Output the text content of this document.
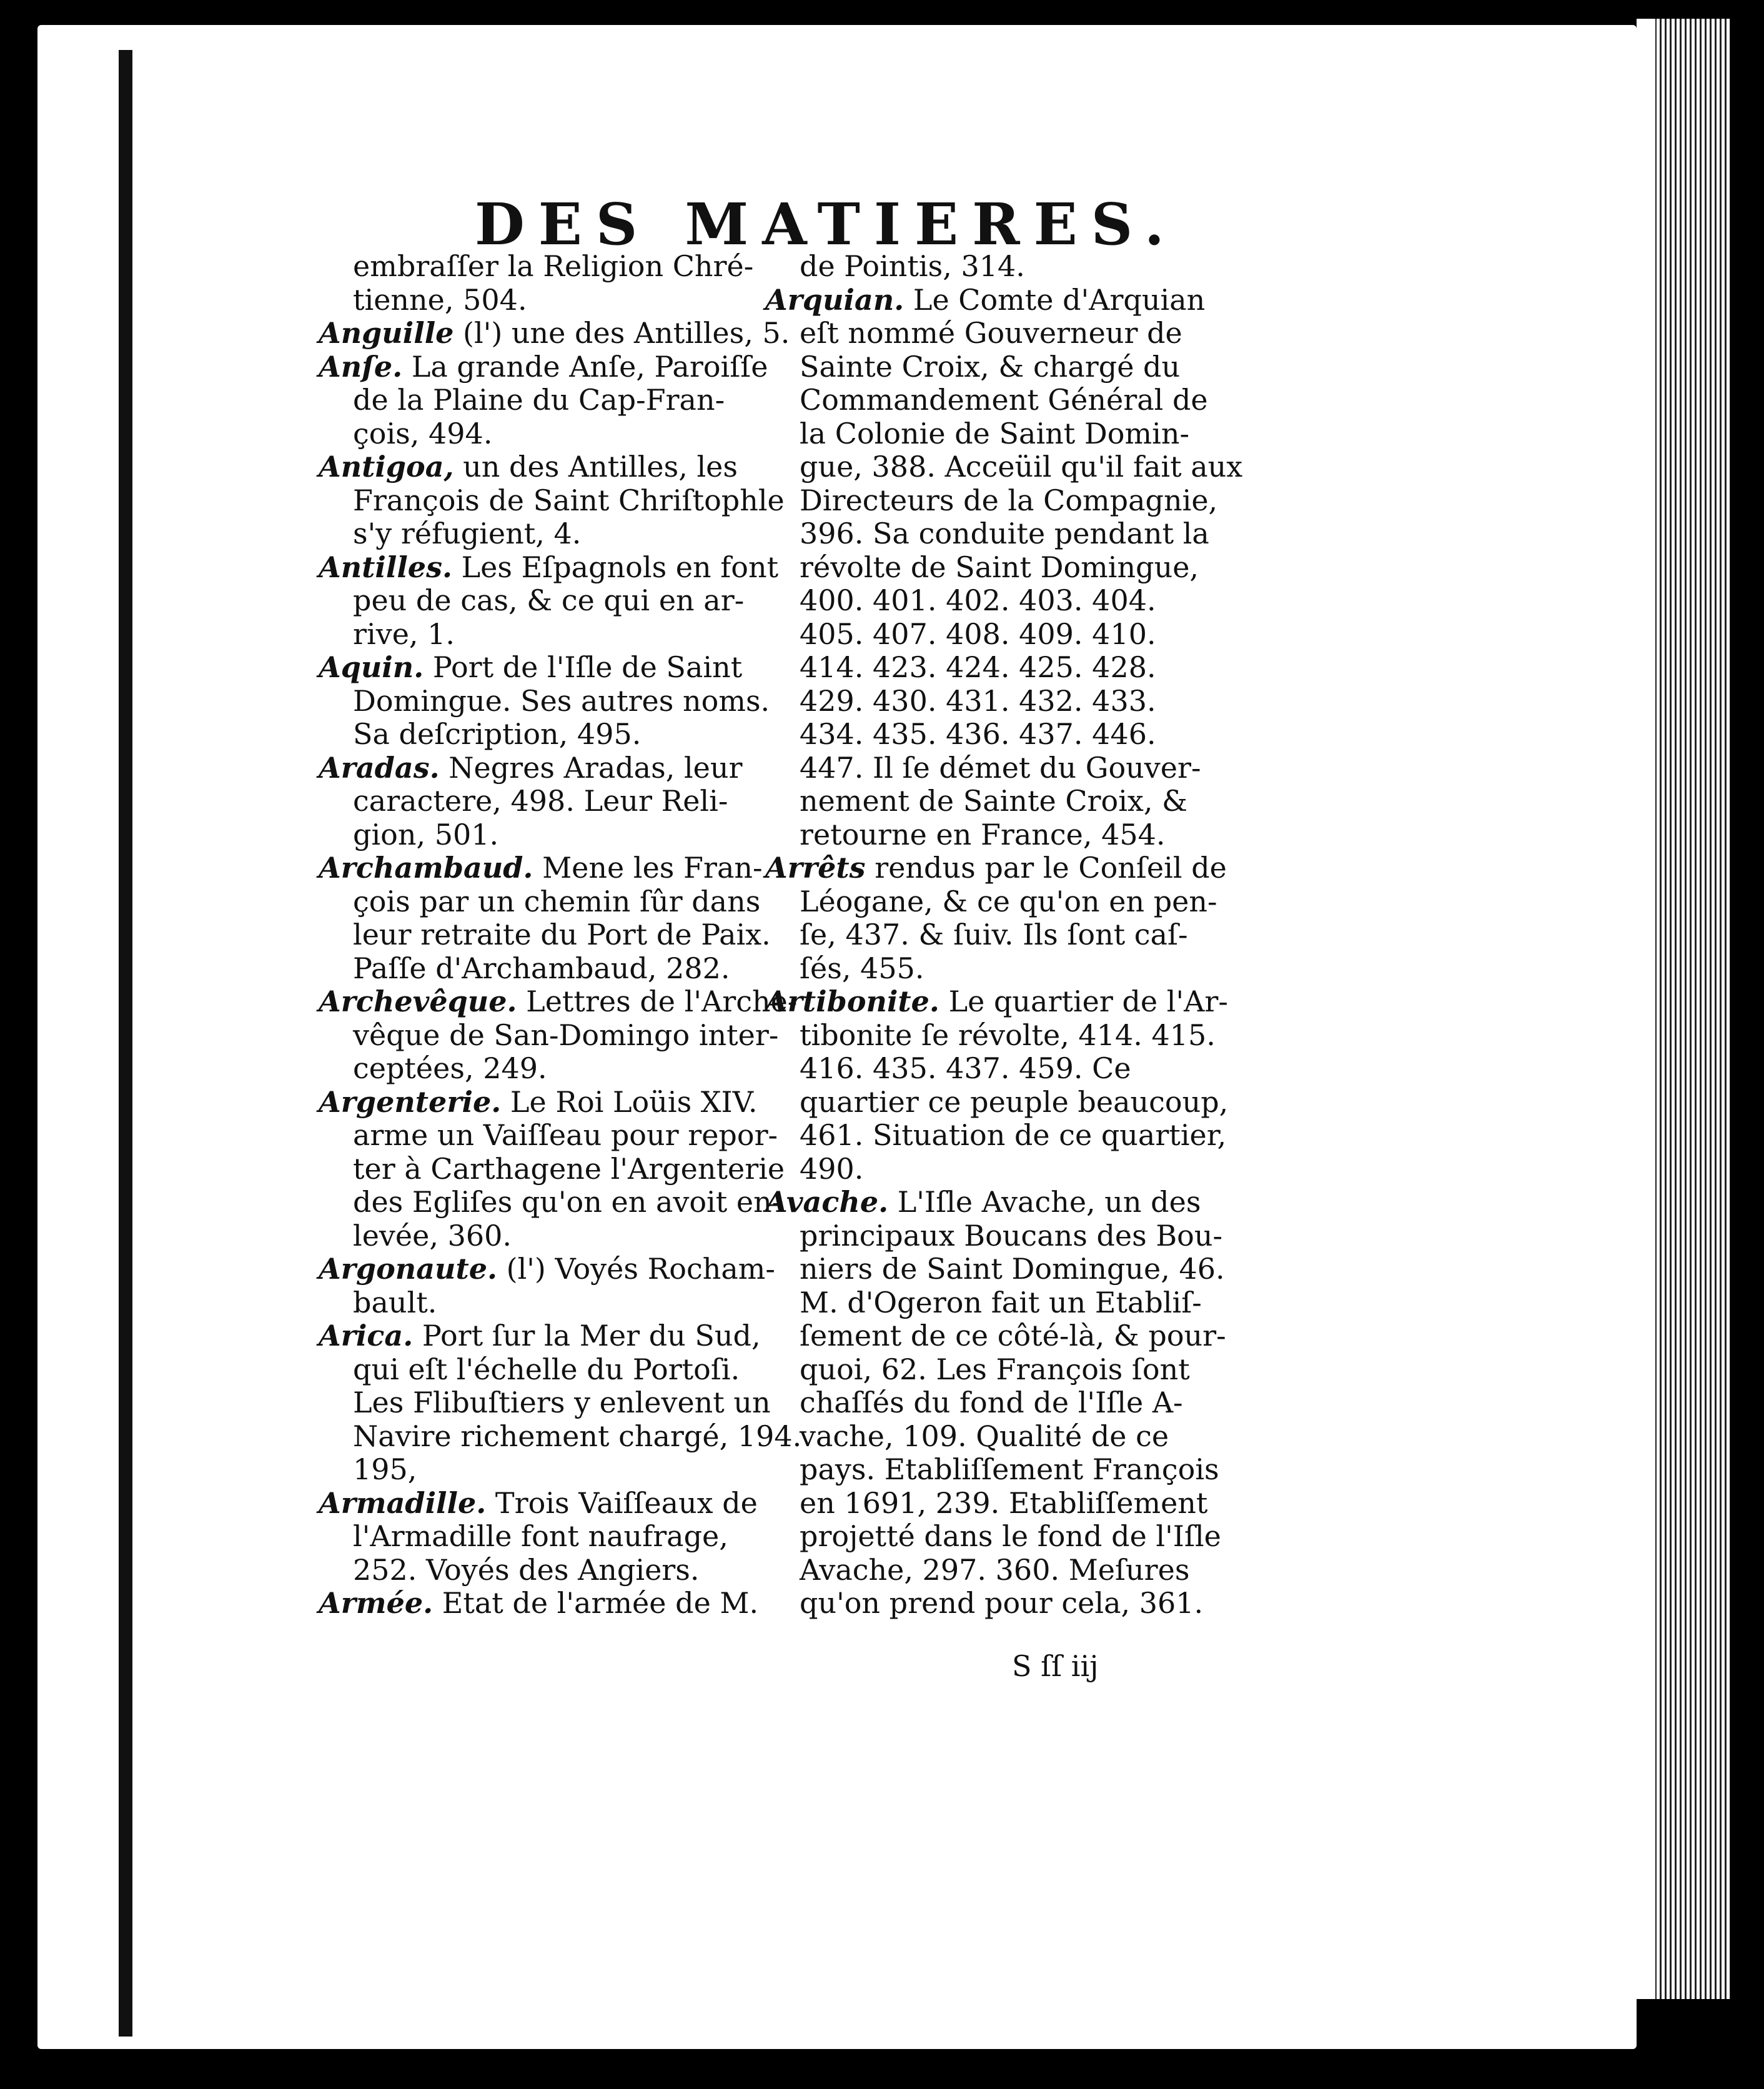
DES MATIERES.
embraſſer la Religion Chré-
tienne, 504.
Anguille (l') une des Antilles, 5.
Anſe. La grande Anſe, Paroiſſe
de la Plaine du Cap-Fran-
çois, 494.
Antigoa, un des Antilles, les
François de Saint Chriſtophle
s'y réfugient, 4.
Antilles. Les Eſpagnols en font
peu de cas, & ce qui en ar-
rive, 1.
Aquin. Port de l'Iſle de Saint
Domingue. Ses autres noms.
Sa deſcription, 495.
Aradas. Negres Aradas, leur
caractere, 498. Leur Reli-
gion, 501.
Archambaud. Mene les Fran-
çois par un chemin ſûr dans
leur retraite du Port de Paix.
Paſſe d'Archambaud, 282.
Archevêque. Lettres de l'Arche-
vêque de San-Domingo inter-
ceptées, 249.
Argenterie. Le Roi Loüis XIV.
arme un Vaiſſeau pour repor-
ter à Carthagene l'Argenterie
des Egliſes qu'on en avoit en-
levée, 360.
Argonaute. (l') Voyés Rocham-
bault.
Arica. Port ſur la Mer du Sud,
qui eſt l'échelle du Portoſi.
Les Flibuſtiers y enlevent un
Navire richement chargé, 194.
195,
Armadille. Trois Vaiſſeaux de
l'Armadille font naufrage,
252. Voyés des Angiers.
Armée. Etat de l'armée de M.
de Pointis, 314.
Arquian. Le Comte d'Arquian
eſt nommé Gouverneur de
Sainte Croix, & chargé du
Commandement Général de
la Colonie de Saint Domin-
gue, 388. Acceüil qu'il fait aux
Directeurs de la Compagnie,
396. Sa conduite pendant la
révolte de Saint Domingue,
400. 401. 402. 403. 404.
405. 407. 408. 409. 410.
414. 423. 424. 425. 428.
429. 430. 431. 432. 433.
434. 435. 436. 437. 446.
447. Il ſe démet du Gouver-
nement de Sainte Croix, &
retourne en France, 454.
Arrêts rendus par le Conſeil de
Léogane, & ce qu'on en pen-
ſe, 437. & ſuiv. Ils ſont caſ-
ſés, 455.
Artibonite. Le quartier de l'Ar-
tibonite ſe révolte, 414. 415.
416. 435. 437. 459. Ce
quartier ce peuple beaucoup,
461. Situation de ce quartier,
490.
Avache. L'Iſle Avache, un des
principaux Boucans des Bou-
niers de Saint Domingue, 46.
M. d'Ogeron fait un Etabliſ-
ſement de ce côté-là, & pour-
quoi, 62. Les François ſont
chaſſés du fond de l'Iſle A-
vache, 109. Qualité de ce
pays. Etabliſſement François
en 1691, 239. Etabliſſement
projetté dans le fond de l'Iſle
Avache, 297. 360. Meſures
qu'on prend pour cela, 361.
S ſſ iij
